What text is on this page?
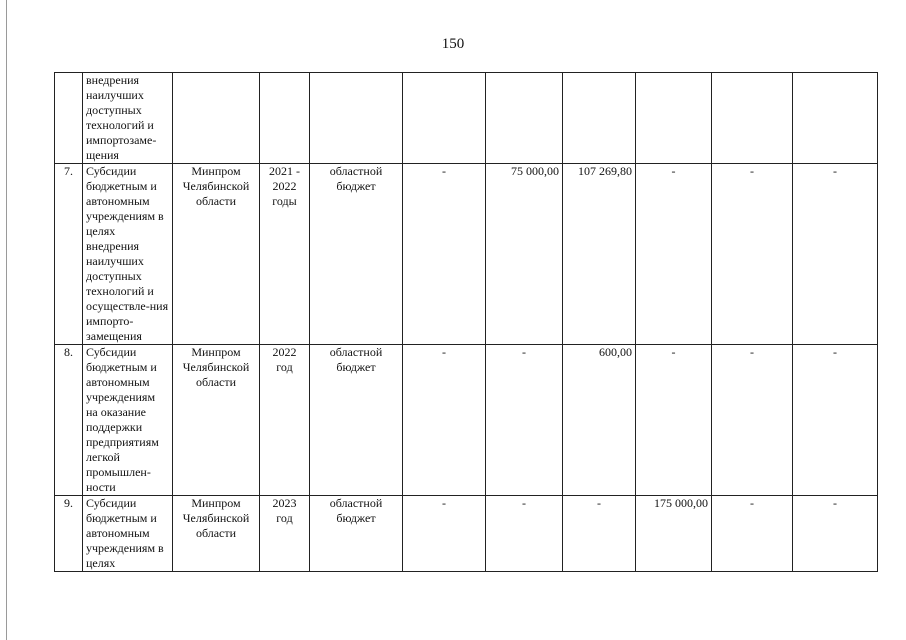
150
	внедрения наилучших доступных технологий и импортозаме-щения									
7.	Субсидии бюджетным и автономным учреждениям в целях внедрения наилучших доступных технологий и осуществле-ния импорто-замещения	Минпром Челябинской области	2021 - 2022 годы	областной бюджет	-	75 000,00	107 269,80	-	-	-
8.	Субсидии бюджетным и автономным учреждениям на оказание поддержки предприятиям легкой промышлен-ности	Минпром Челябинской области	2022 год	областной бюджет	-	-	600,00	-	-	-
9.	Субсидии бюджетным и автономным учреждениям в целях	Минпром Челябинской области	2023 год	областной бюджет	-	-	-	175 000,00	-	-
